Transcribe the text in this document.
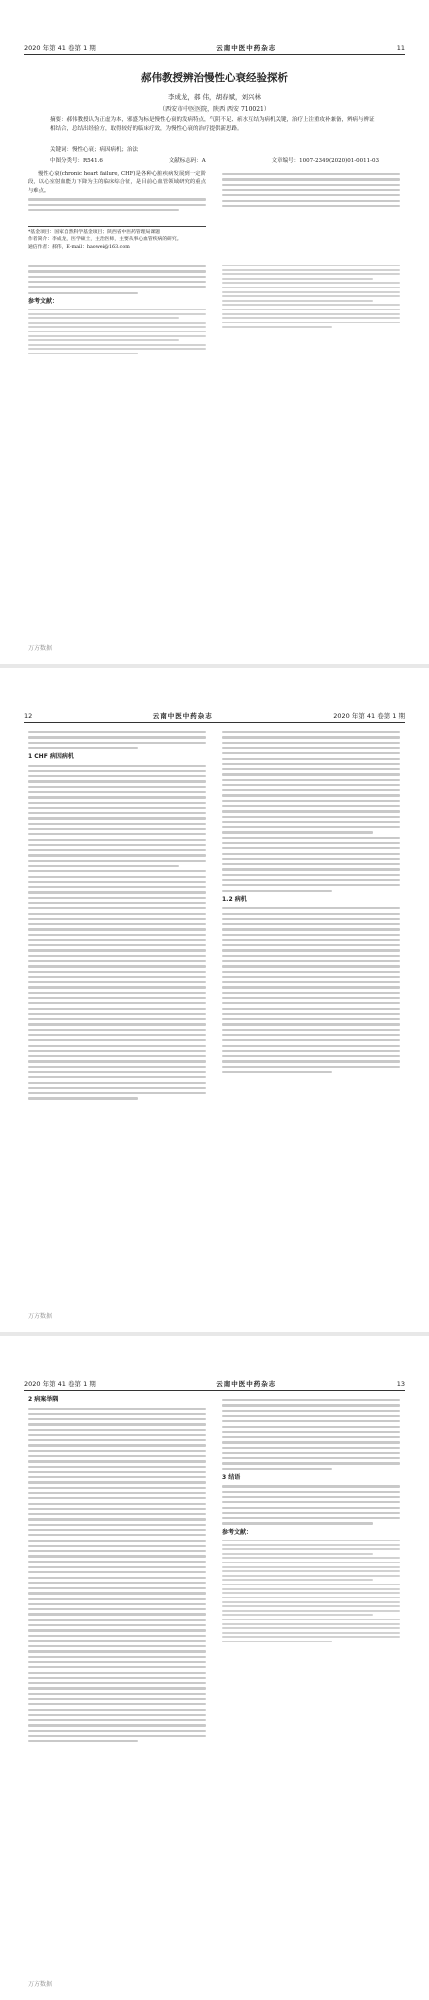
2020 年第 41 卷第 1 期	云南中医中药杂志	11
郝伟教授辨治慢性心衰经验探析
李成龙，郝 伟，胡春斌，刘兴林
（西安市中医医院，陕西 西安 710021）
摘要：郝伟教授认为正虚为本，邪盛为标是慢性心衰的发病特点，气阴不足、瘀水互结为病机关键，治疗上注重攻补兼备，辨病与辨证相结合，总结出经验方，取得较好的临床疗效，为慢性心衰的治疗提供新思路。
关键词：慢性心衰；病因病机；治法
中图分类号：R541.6	文献标志码：A	文章编号：1007-2349(2020)01-0011-03
慢性心衰(chronic heart failure, CHF)是各种心脏疾病发展到一定阶段，以心室射血能力下降为主的临床综合征，是目前心血管领域研究的重点与难点。
*基金项目：国家自然科学基金项目；陕西省中医药管理局课题
作者简介：李成龙，医学硕士，主治医师，主要从事心血管疾病的研究。
通信作者：郝伟，E-mail：haowei@163.com
参考文献：
万方数据
12	云南中医中药杂志	2020 年第 41 卷第 1 期
1 CHF 病因病机
1.2 病机
万方数据
2020 年第 41 卷第 1 期	云南中医中药杂志	13
2 病案举隅
3 结语
参考文献：
万方数据
